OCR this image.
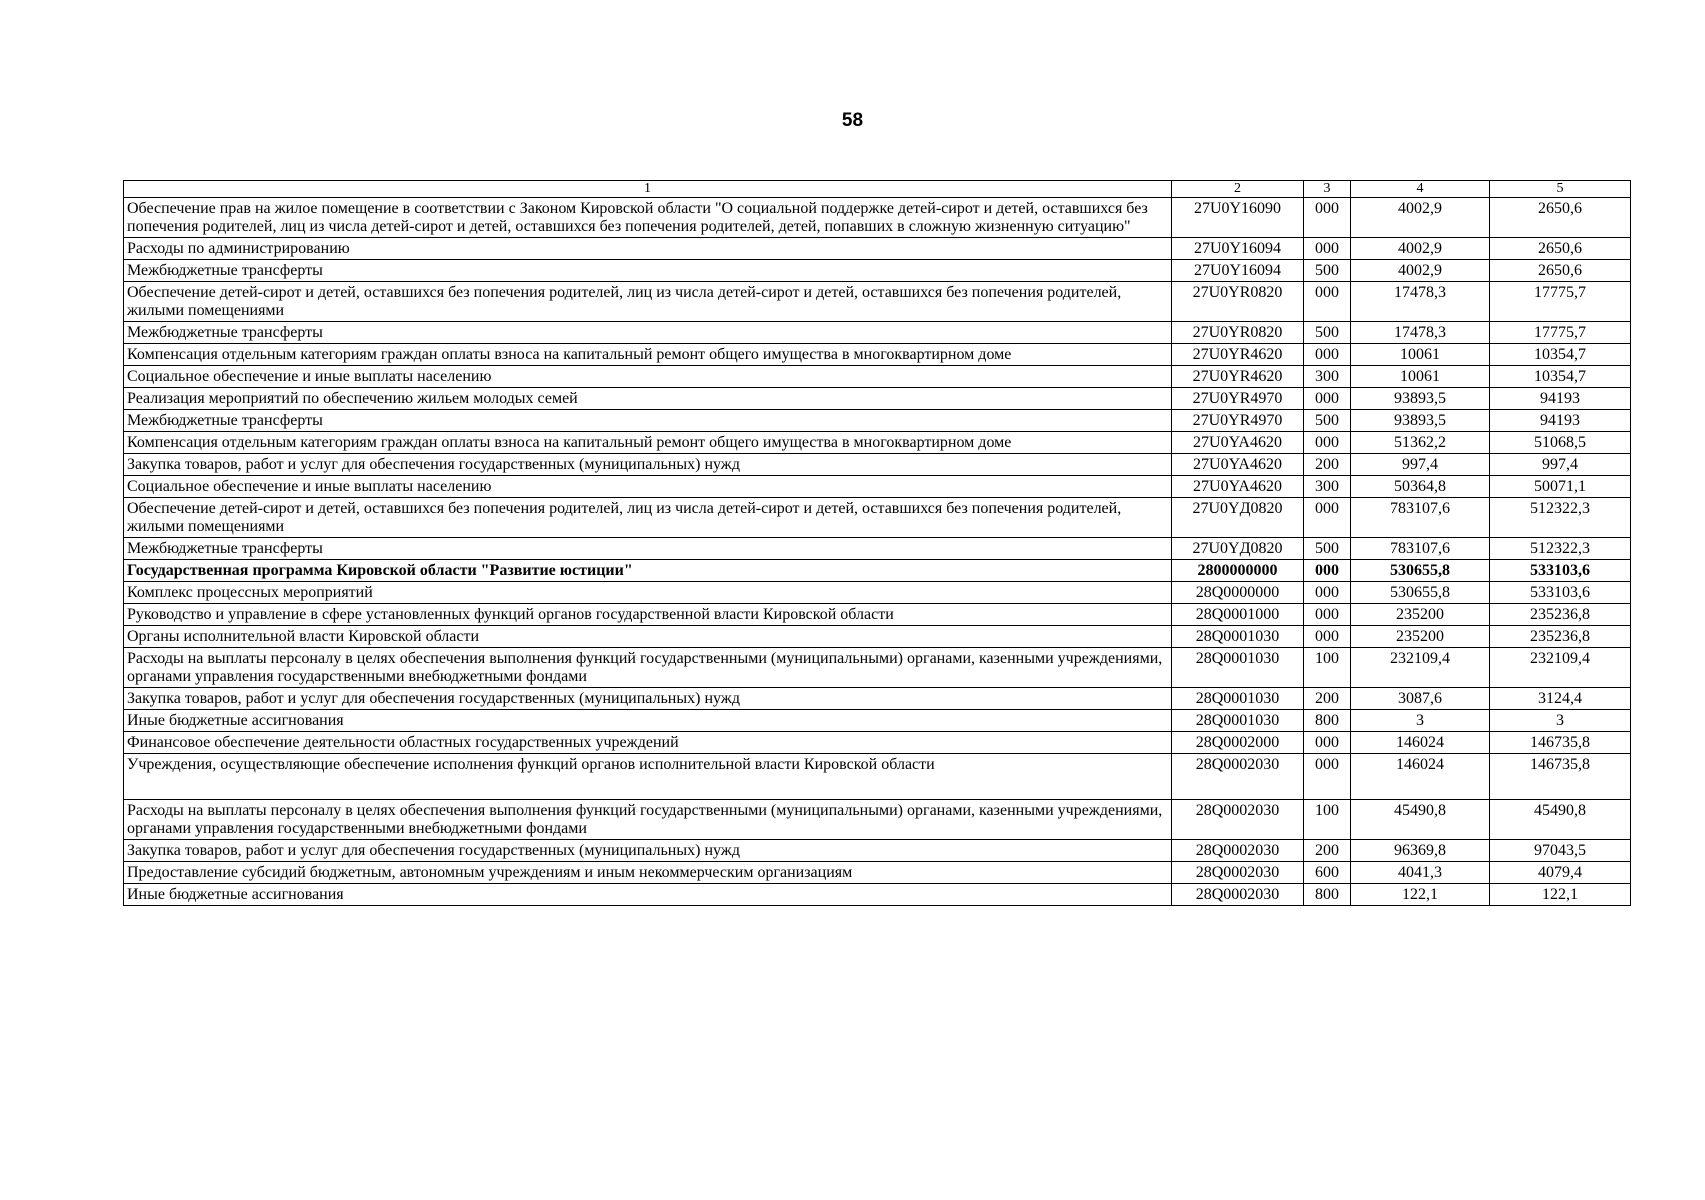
58
1	2	3	4	5
Обеспечение прав на жилое помещение в соответствии с Законом Кировской области "О социальной поддержке детей-сирот и детей, оставшихся без попечения родителей, лиц из числа детей-сирот и детей, оставшихся без попечения родителей, детей, попавших в сложную жизненную ситуацию"	27U0Y16090	000	4002,9	2650,6
Расходы по администрированию	27U0Y16094	000	4002,9	2650,6
Межбюджетные трансферты	27U0Y16094	500	4002,9	2650,6
Обеспечение детей-сирот и детей, оставшихся без попечения родителей, лиц из числа детей-сирот и детей, оставшихся без попечения родителей, жилыми помещениями	27U0YR0820	000	17478,3	17775,7
Межбюджетные трансферты	27U0YR0820	500	17478,3	17775,7
Компенсация отдельным категориям граждан оплаты взноса на капитальный ремонт общего имущества в многоквартирном доме	27U0YR4620	000	10061	10354,7
Социальное обеспечение и иные выплаты населению	27U0YR4620	300	10061	10354,7
Реализация мероприятий по обеспечению жильем молодых семей	27U0YR4970	000	93893,5	94193
Межбюджетные трансферты	27U0YR4970	500	93893,5	94193
Компенсация отдельным категориям граждан оплаты взноса на капитальный ремонт общего имущества в многоквартирном доме	27U0YA4620	000	51362,2	51068,5
Закупка товаров, работ и услуг для обеспечения государственных (муниципальных) нужд	27U0YA4620	200	997,4	997,4
Социальное обеспечение и иные выплаты населению	27U0YA4620	300	50364,8	50071,1
Обеспечение детей-сирот и детей, оставшихся без попечения родителей, лиц из числа детей-сирот и детей, оставшихся без попечения родителей, жилыми помещениями	27U0YД0820	000	783107,6	512322,3
Межбюджетные трансферты	27U0YД0820	500	783107,6	512322,3
Государственная программа Кировской области "Развитие юстиции"	2800000000	000	530655,8	533103,6
Комплекс процессных мероприятий	28Q0000000	000	530655,8	533103,6
Руководство и управление в сфере установленных функций органов государственной власти Кировской области	28Q0001000	000	235200	235236,8
Органы исполнительной власти Кировской области	28Q0001030	000	235200	235236,8
Расходы на выплаты персоналу в целях обеспечения выполнения функций государственными (муниципальными) органами, казенными учреждениями, органами управления государственными внебюджетными фондами	28Q0001030	100	232109,4	232109,4
Закупка товаров, работ и услуг для обеспечения государственных (муниципальных) нужд	28Q0001030	200	3087,6	3124,4
Иные бюджетные ассигнования	28Q0001030	800	3	3
Финансовое обеспечение деятельности областных государственных учреждений	28Q0002000	000	146024	146735,8
Учреждения, осуществляющие обеспечение исполнения функций органов исполнительной власти Кировской области	28Q0002030	000	146024	146735,8
Расходы на выплаты персоналу в целях обеспечения выполнения функций государственными (муниципальными) органами, казенными учреждениями, органами управления государственными внебюджетными фондами	28Q0002030	100	45490,8	45490,8
Закупка товаров, работ и услуг для обеспечения государственных (муниципальных) нужд	28Q0002030	200	96369,8	97043,5
Предоставление субсидий бюджетным, автономным учреждениям и иным некоммерческим организациям	28Q0002030	600	4041,3	4079,4
Иные бюджетные ассигнования	28Q0002030	800	122,1	122,1
